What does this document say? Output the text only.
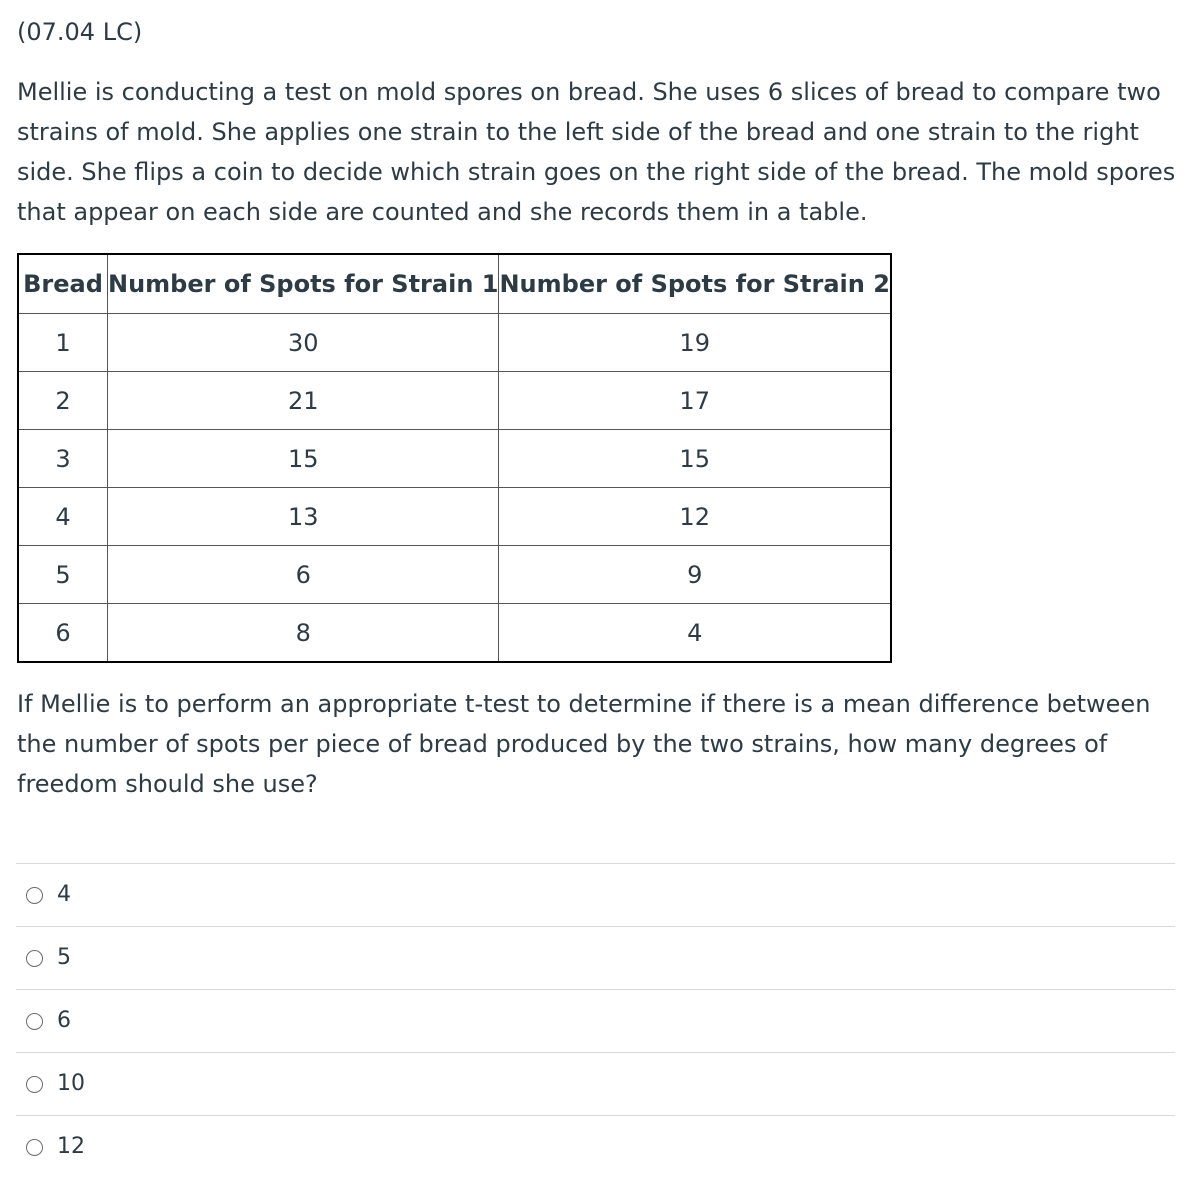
(07.04 LC)

Mellie is conducting a test on mold spores on bread. She uses 6 slices of bread to compare two strains of mold. She applies one strain to the left side of the bread and one strain to the right side. She flips a coin to decide which strain goes on the right side of the bread. The mold spores that appear on each side are counted and she records them in a table.

Bread	Number of Spots for Strain 1	Number of Spots for Strain 2
1	30	19
2	21	17
3	15	15
4	13	12
5	6	9
6	8	4

If Mellie is to perform an appropriate t-test to determine if there is a mean difference between the number of spots per piece of bread produced by the two strains, how many degrees of freedom should she use?

4
5
6
10
12
